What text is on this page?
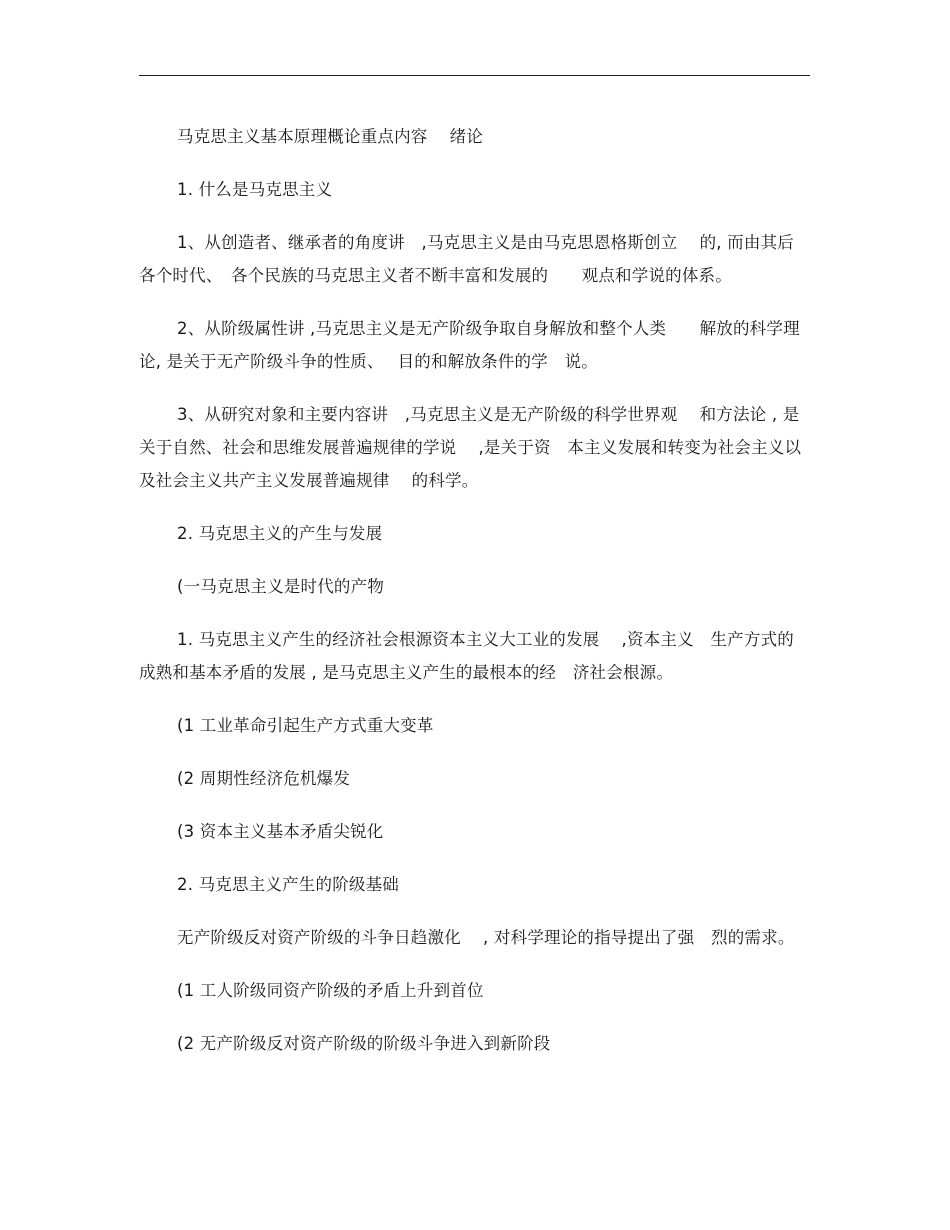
马克思主义基本原理概论重点内容　 绪论

1. 什么是马克思主义

1、从创造者、继承者的角度讲　,马克思主义是由马克思恩格斯创立　 的, 而由其后各个时代、　各个民族的马克思主义者不断丰富和发展的　　观点和学说的体系。

2、从阶级属性讲 ,马克思主义是无产阶级争取自身解放和整个人类　　解放的科学理论, 是关于无产阶级斗争的性质、　 目的和解放条件的学　说。

3、从研究对象和主要内容讲　,马克思主义是无产阶级的科学世界观　 和方法论 , 是关于自然、社会和思维发展普遍规律的学说　 ,是关于资　本主义发展和转变为社会主义以及社会主义共产主义发展普遍规律　 的科学。

2. 马克思主义的产生与发展

(一马克思主义是时代的产物

1. 马克思主义产生的经济社会根源资本主义大工业的发展　 ,资本主义　生产方式的成熟和基本矛盾的发展 , 是马克思主义产生的最根本的经　济社会根源。

(1 工业革命引起生产方式重大变革

(2 周期性经济危机爆发

(3 资本主义基本矛盾尖锐化

2. 马克思主义产生的阶级基础

无产阶级反对资产阶级的斗争日趋激化　 , 对科学理论的指导提出了强　烈的需求。

(1 工人阶级同资产阶级的矛盾上升到首位

(2 无产阶级反对资产阶级的阶级斗争进入到新阶段
